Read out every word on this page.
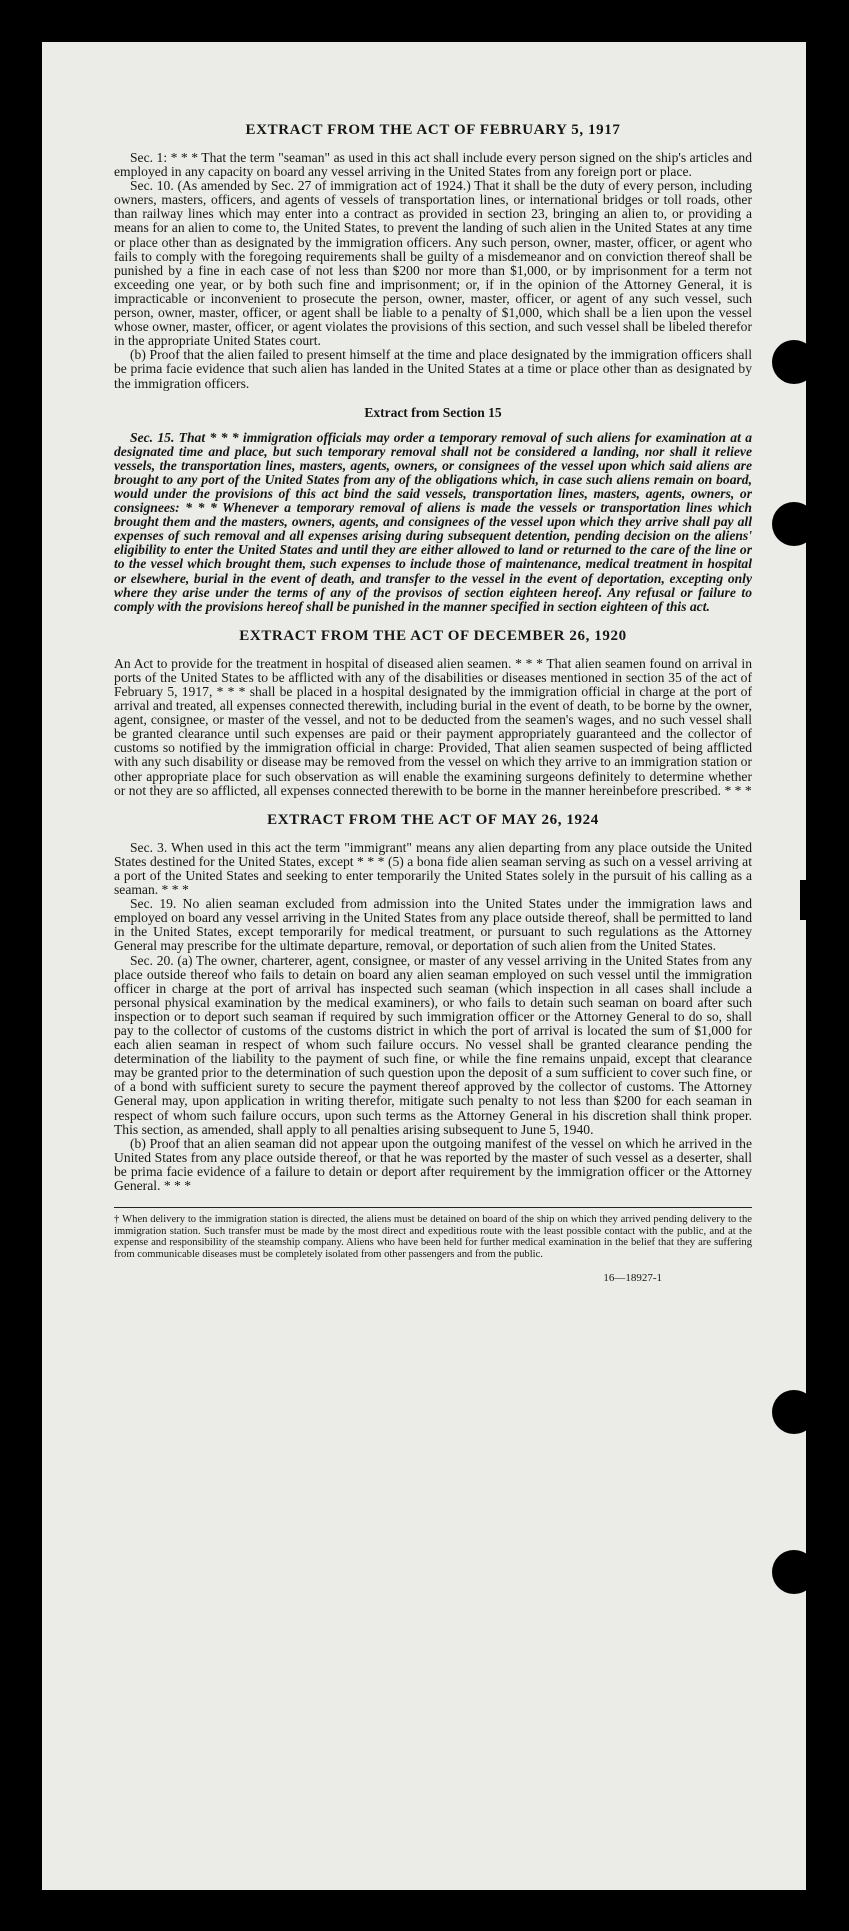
EXTRACT FROM THE ACT OF FEBRUARY 5, 1917

Sec. 1: * * * That the term "seaman" as used in this act shall include every person signed on the ship's articles and employed in any capacity on board any vessel arriving in the United States from any foreign port or place.

Sec. 10. (As amended by Sec. 27 of immigration act of 1924.) That it shall be the duty of every person, including owners, masters, officers, and agents of vessels of transportation lines, or international bridges or toll roads, other than railway lines which may enter into a contract as provided in section 23, bringing an alien to, or providing a means for an alien to come to, the United States, to prevent the landing of such alien in the United States at any time or place other than as designated by the immigration officers. Any such person, owner, master, officer, or agent who fails to comply with the foregoing requirements shall be guilty of a misdemeanor and on conviction thereof shall be punished by a fine in each case of not less than $200 nor more than $1,000, or by imprisonment for a term not exceeding one year, or by both such fine and imprisonment; or, if in the opinion of the Attorney General, it is impracticable or inconvenient to prosecute the person, owner, master, officer, or agent of any such vessel, such person, owner, master, officer, or agent shall be liable to a penalty of $1,000, which shall be a lien upon the vessel whose owner, master, officer, or agent violates the provisions of this section, and such vessel shall be libeled therefor in the appropriate United States court.

(b) Proof that the alien failed to present himself at the time and place designated by the immigration officers shall be prima facie evidence that such alien has landed in the United States at a time or place other than as designated by the immigration officers.

Extract from Section 15

Sec. 15. That * * * immigration officials may order a temporary removal of such aliens for examination at a designated time and place, but such temporary removal shall not be considered a landing, nor shall it relieve vessels, the transportation lines, masters, agents, owners, or consignees of the vessel upon which said aliens are brought to any port of the United States from any of the obligations which, in case such aliens remain on board, would under the provisions of this act bind the said vessels, transportation lines, masters, agents, owners, or consignees: * * * Whenever a temporary removal of aliens is made the vessels or transportation lines which brought them and the masters, owners, agents, and consignees of the vessel upon which they arrive shall pay all expenses of such removal and all expenses arising during subsequent detention, pending decision on the aliens' eligibility to enter the United States and until they are either allowed to land or returned to the care of the line or to the vessel which brought them, such expenses to include those of maintenance, medical treatment in hospital or elsewhere, burial in the event of death, and transfer to the vessel in the event of deportation, excepting only where they arise under the terms of any of the provisos of section eighteen hereof. Any refusal or failure to comply with the provisions hereof shall be punished in the manner specified in section eighteen of this act.

EXTRACT FROM THE ACT OF DECEMBER 26, 1920

An Act to provide for the treatment in hospital of diseased alien seamen. * * * That alien seamen found on arrival in ports of the United States to be afflicted with any of the disabilities or diseases mentioned in section 35 of the act of February 5, 1917, * * * shall be placed in a hospital designated by the immigration official in charge at the port of arrival and treated, all expenses connected therewith, including burial in the event of death, to be borne by the owner, agent, consignee, or master of the vessel, and not to be deducted from the seamen's wages, and no such vessel shall be granted clearance until such expenses are paid or their payment appropriately guaranteed and the collector of customs so notified by the immigration official in charge: Provided, That alien seamen suspected of being afflicted with any such disability or disease may be removed from the vessel on which they arrive to an immigration station or other appropriate place for such observation as will enable the examining surgeons definitely to determine whether or not they are so afflicted, all expenses connected therewith to be borne in the manner hereinbefore prescribed. * * *

EXTRACT FROM THE ACT OF MAY 26, 1924

Sec. 3. When used in this act the term "immigrant" means any alien departing from any place outside the United States destined for the United States, except * * * (5) a bona fide alien seaman serving as such on a vessel arriving at a port of the United States and seeking to enter temporarily the United States solely in the pursuit of his calling as a seaman. * * *

Sec. 19. No alien seaman excluded from admission into the United States under the immigration laws and employed on board any vessel arriving in the United States from any place outside thereof, shall be permitted to land in the United States, except temporarily for medical treatment, or pursuant to such regulations as the Attorney General may prescribe for the ultimate departure, removal, or deportation of such alien from the United States.

Sec. 20. (a) The owner, charterer, agent, consignee, or master of any vessel arriving in the United States from any place outside thereof who fails to detain on board any alien seaman employed on such vessel until the immigration officer in charge at the port of arrival has inspected such seaman (which inspection in all cases shall include a personal physical examination by the medical examiners), or who fails to detain such seaman on board after such inspection or to deport such seaman if required by such immigration officer or the Attorney General to do so, shall pay to the collector of customs of the customs district in which the port of arrival is located the sum of $1,000 for each alien seaman in respect of whom such failure occurs. No vessel shall be granted clearance pending the determination of the liability to the payment of such fine, or while the fine remains unpaid, except that clearance may be granted prior to the determination of such question upon the deposit of a sum sufficient to cover such fine, or of a bond with sufficient surety to secure the payment thereof approved by the collector of customs. The Attorney General may, upon application in writing therefor, mitigate such penalty to not less than $200 for each seaman in respect of whom such failure occurs, upon such terms as the Attorney General in his discretion shall think proper. This section, as amended, shall apply to all penalties arising subsequent to June 5, 1940.

(b) Proof that an alien seaman did not appear upon the outgoing manifest of the vessel on which he arrived in the United States from any place outside thereof, or that he was reported by the master of such vessel as a deserter, shall be prima facie evidence of a failure to detain or deport after requirement by the immigration officer or the Attorney General. * * *

† When delivery to the immigration station is directed, the aliens must be detained on board of the ship on which they arrived pending delivery to the immigration station. Such transfer must be made by the most direct and expeditious route with the least possible contact with the public, and at the expense and responsibility of the steamship company. Aliens who have been held for further medical examination in the belief that they are suffering from communicable diseases must be completely isolated from other passengers and from the public.

16—18927-1
